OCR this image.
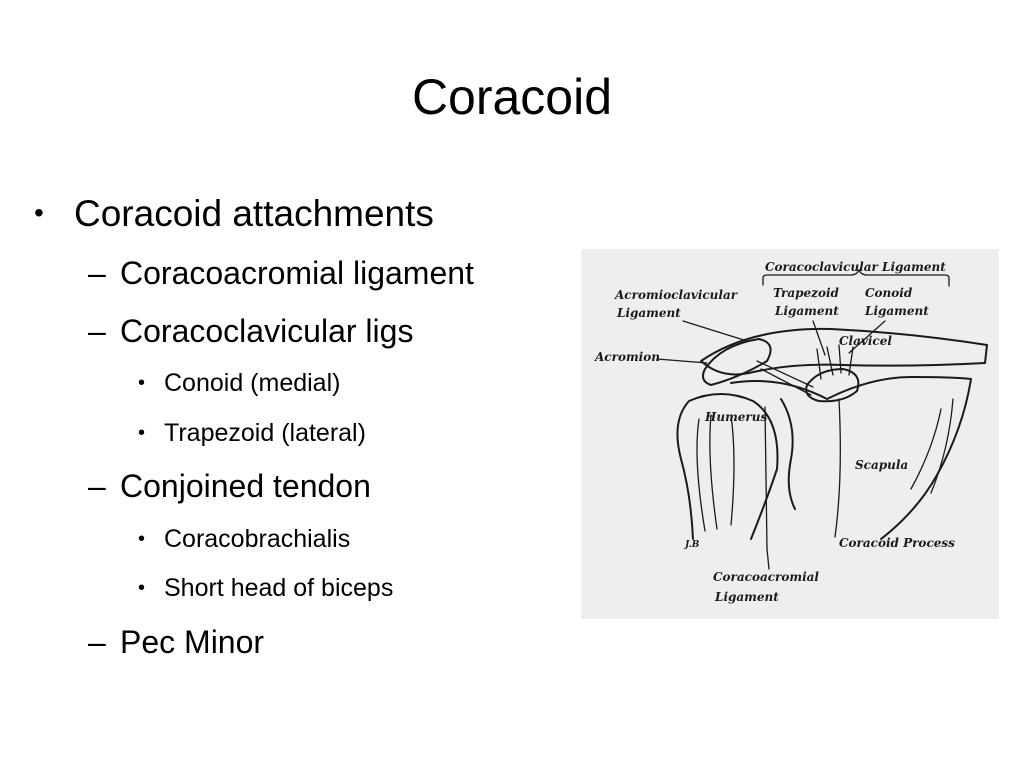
Coracoid
• Coracoid attachments
– Coracoacromial ligament
– Coracoclavicular ligs
• Conoid (medial)
• Trapezoid (lateral)
– Conjoined tendon
• Coracobrachialis
• Short head of biceps
– Pec Minor
Coracoclavicular Ligament
Trapezoid
Ligament
Conoid
Ligament
Acromioclavicular
Ligament
Clavicel
Acromion
Humerus
Scapula
Coracoid Process
Coracoacromial
Ligament
J.B
